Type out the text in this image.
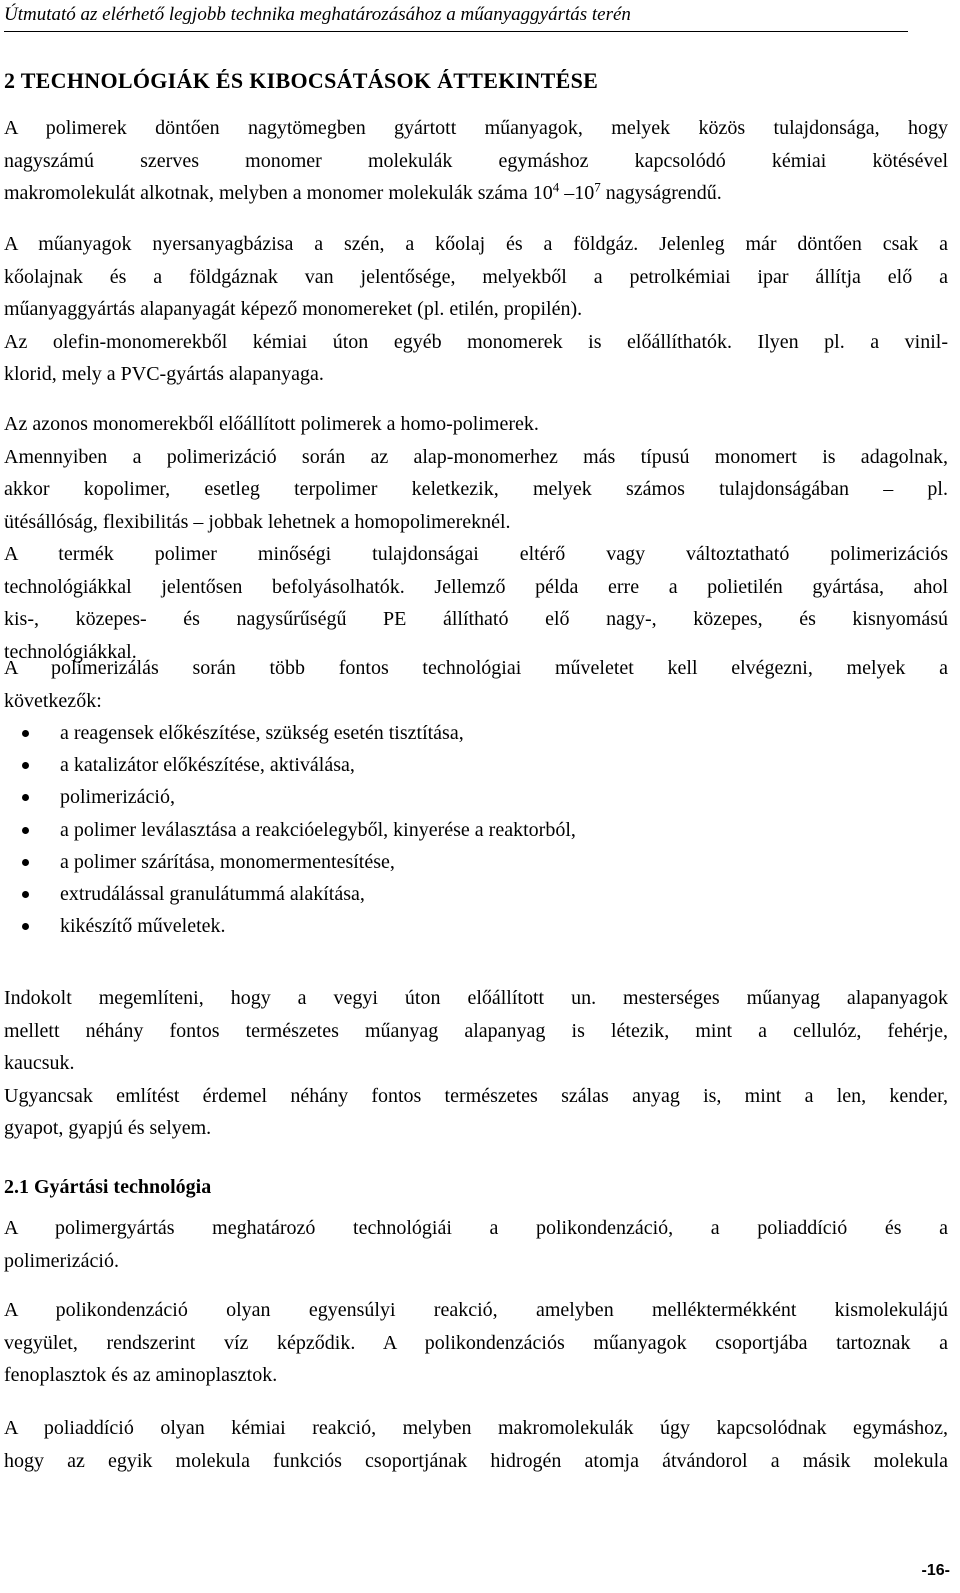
Útmutató az elérhető legjobb technika meghatározásához a műanyaggyártás terén
2 TECHNOLÓGIÁK ÉS KIBOCSÁTÁSOK ÁTTEKINTÉSE
A polimerek döntően nagytömegben gyártott műanyagok, melyek közös tulajdonsága, hogy
nagyszámú szerves monomer molekulák egymáshoz kapcsolódó kémiai kötésével
makromolekulát alkotnak, melyben a monomer molekulák száma $10^4$ $-10^7$ nagyságrendű.
A műanyagok nyersanyagbázisa a szén, a kőolaj és a földgáz. Jelenleg már döntően csak a
kőolajnak és a földgáznak van jelentősége, melyekből a petrolkémiai ipar állítja elő a
műanyaggyártás alapanyagát képező monomereket (pl. etilén, propilén).
Az olefin-monomerekből kémiai úton egyéb monomerek is előállíthatók. Ilyen pl. a vinil-
klorid, mely a PVC-gyártás alapanyaga.
Az azonos monomerekből előállított polimerek a homo-polimerek.
Amennyiben a polimerizáció során az alap-monomerhez más típusú monomert is adagolnak,
akkor kopolimer, esetleg terpolimer keletkezik, melyek számos tulajdonságában – pl.
ütésállóság, flexibilitás – jobbak lehetnek a homopolimereknél.
A termék polimer minőségi tulajdonságai eltérő vagy változtatható polimerizációs
technológiákkal jelentősen befolyásolhatók. Jellemző példa erre a polietilén gyártása, ahol
kis-, közepes- és nagysűrűségű PE állítható elő nagy-, közepes, és kisnyomású
technológiákkal.
A polimerizálás során több fontos technológiai műveletet kell elvégezni, melyek a
következők:
a reagensek előkészítése, szükség esetén tisztítása,
a katalizátor előkészítése, aktiválása,
polimerizáció,
a polimer leválasztása a reakcióelegyből, kinyerése a reaktorból,
a polimer szárítása, monomermentesítése,
extrudálással granulátummá alakítása,
kikészítő műveletek.
Indokolt megemlíteni, hogy a vegyi úton előállított un. mesterséges műanyag alapanyagok
mellett néhány fontos természetes műanyag alapanyag is létezik, mint a cellulóz, fehérje,
kaucsuk.
Ugyancsak említést érdemel néhány fontos természetes szálas anyag is, mint a len, kender,
gyapot, gyapjú és selyem.
2.1 Gyártási technológia
A polimergyártás meghatározó technológiái a polikondenzáció, a poliaddíció és a
polimerizáció.
A polikondenzáció olyan egyensúlyi reakció, amelyben melléktermékként kismolekulájú
vegyület, rendszerint víz képződik. A polikondenzációs műanyagok csoportjába tartoznak a
fenoplasztok és az aminoplasztok.
A poliaddíció olyan kémiai reakció, melyben makromolekulák úgy kapcsolódnak egymáshoz,
hogy az egyik molekula funkciós csoportjának hidrogén atomja átvándorol a másik molekula
-16-
